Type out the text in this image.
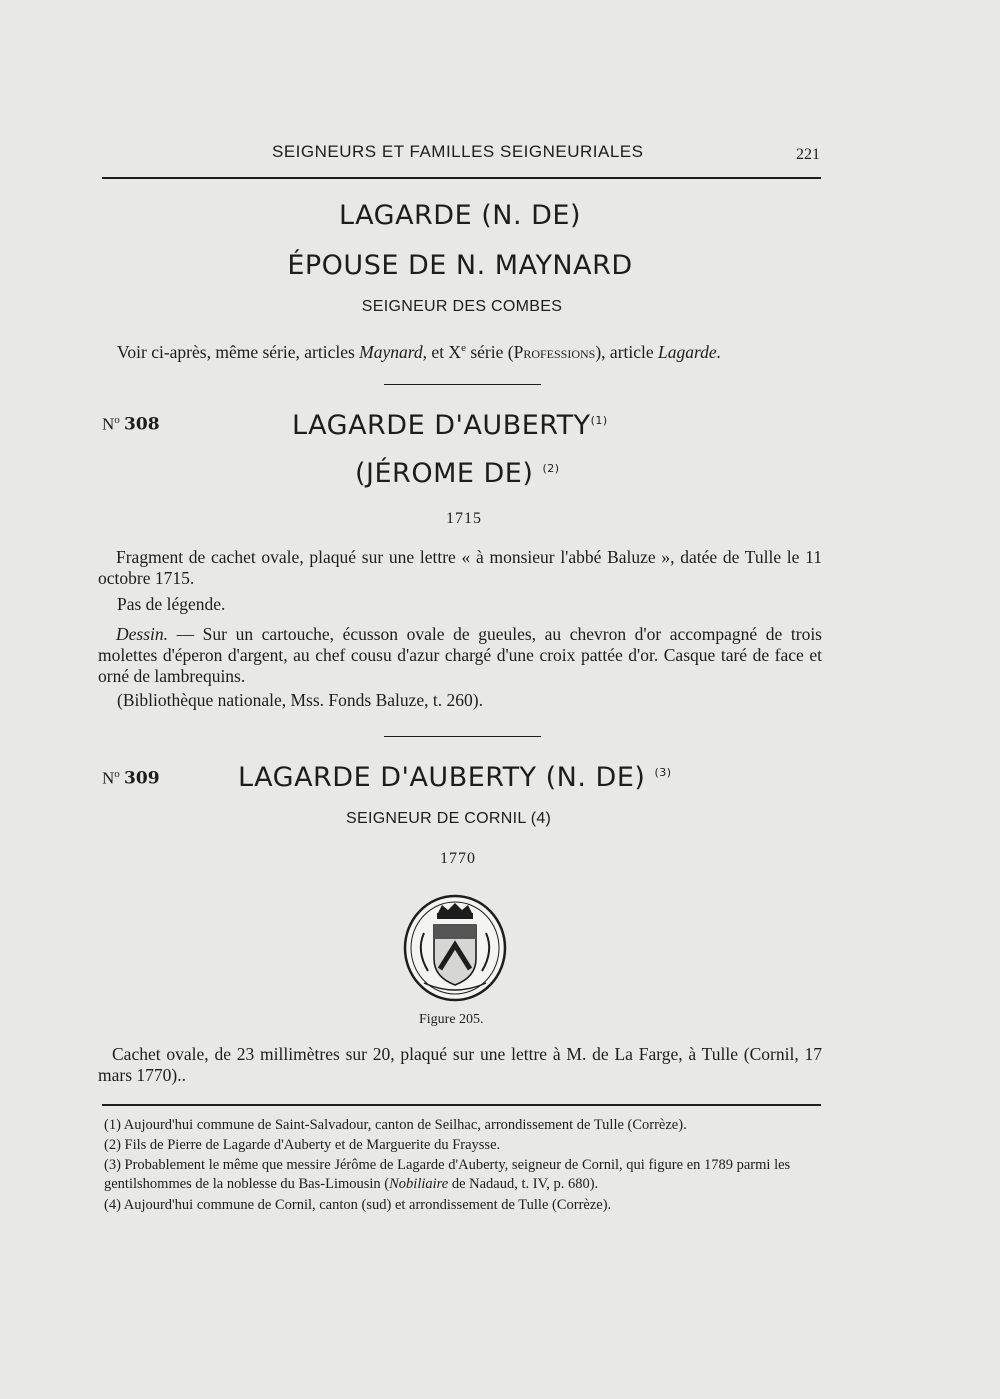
SEIGNEURS ET FAMILLES SEIGNEURIALES	221
LAGARDE (N. DE)
ÉPOUSE DE N. MAYNARD
SEIGNEUR DES COMBES
Voir ci-après, même série, articles Maynard, et Xe série (Professions), article Lagarde.
$N^o$ 308	LAGARDE D'AUBERTY$^{(1)}$
(JÉROME DE) $^{(2)}$
1715
Fragment de cachet ovale, plaqué sur une lettre « à monsieur l'abbé Baluze », datée de Tulle le 11 octobre 1715.
Pas de légende.
Dessin. — Sur un cartouche, écusson ovale de gueules, au chevron d'or accompagné de trois molettes d'éperon d'argent, au chef cousu d'azur chargé d'une croix pattée d'or. Casque taré de face et orné de lambrequins.
(Bibliothèque nationale, Mss. Fonds Baluze, t. 260).
$N^o$ 309	LAGARDE D'AUBERTY (N. DE) $^{(3)}$
SEIGNEUR DE CORNIL (4)
1770
Figure 205.
Cachet ovale, de 23 millimètres sur 20, plaqué sur une lettre à M. de La Farge, à Tulle (Cornil, 17 mars 1770)..
(1) Aujourd'hui commune de Saint-Salvadour, canton de Seilhac, arrondissement de Tulle (Corrèze).
(2) Fils de Pierre de Lagarde d'Auberty et de Marguerite du Fraysse.
(3) Probablement le même que messire Jérôme de Lagarde d'Auberty, seigneur de Cornil, qui figure en 1789 parmi les gentilshommes de la noblesse du Bas-Limousin (Nobiliaire de Nadaud, t. IV, p. 680).
(4) Aujourd'hui commune de Cornil, canton (sud) et arrondissement de Tulle (Corrèze).
